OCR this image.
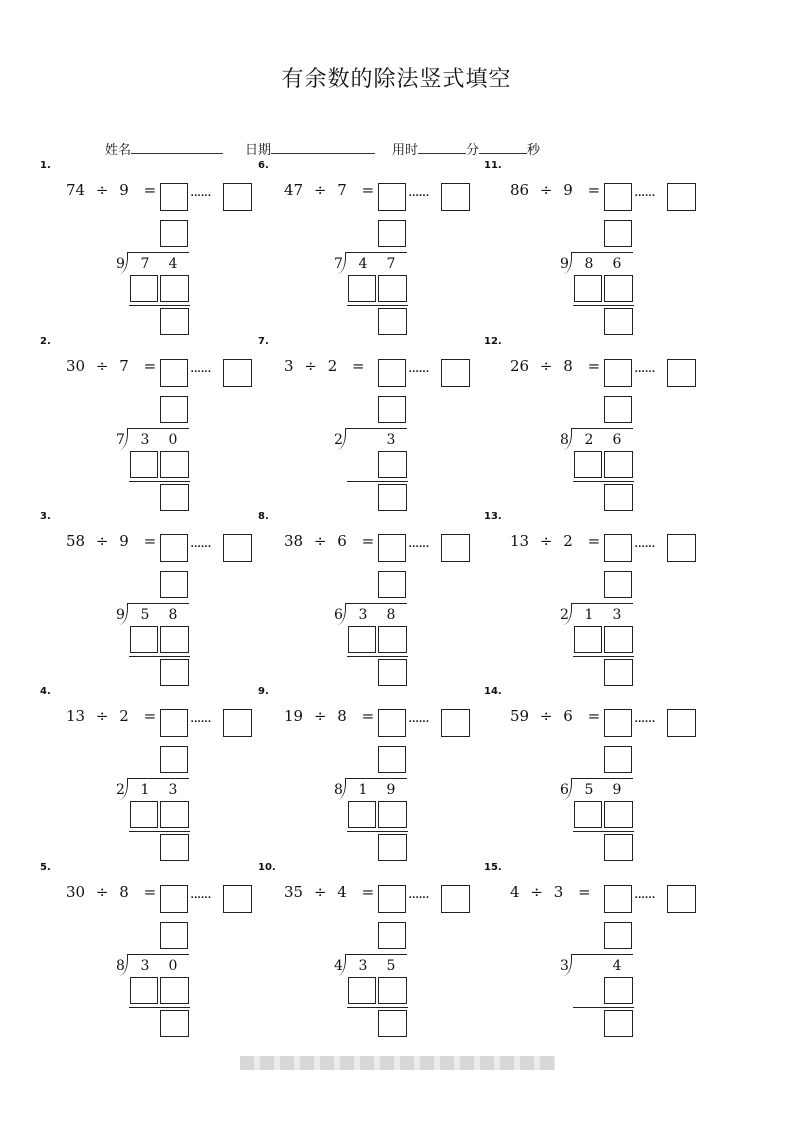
有余数的除法竖式填空
姓名	日期	用时	分	秒
1.
74 ÷ 9 = ······
9	7	4
2.
30 ÷ 7 = ······
7	3	0
3.
58 ÷ 9 = ······
9	5	8
4.
13 ÷ 2 = ······
2	1	3
5.
30 ÷ 8 = ······
8	3	0
6.
47 ÷ 7 = ······
7	4	7
7.
3 ÷ 2 =	······
2	3
8.
38 ÷ 6 = ······
6	3	8
9.
19 ÷ 8 = ······
8	1	9
10.
35 ÷ 4 = ······
4	3	5
11.
86 ÷ 9 = ······
9	8	6
12.
26 ÷ 8 = ······
8	2	6
13.
13 ÷ 2 = ······
2	1	3
14.
59 ÷ 6 = ······
6	5	9
15.
4 ÷ 3 =	······
3	4
